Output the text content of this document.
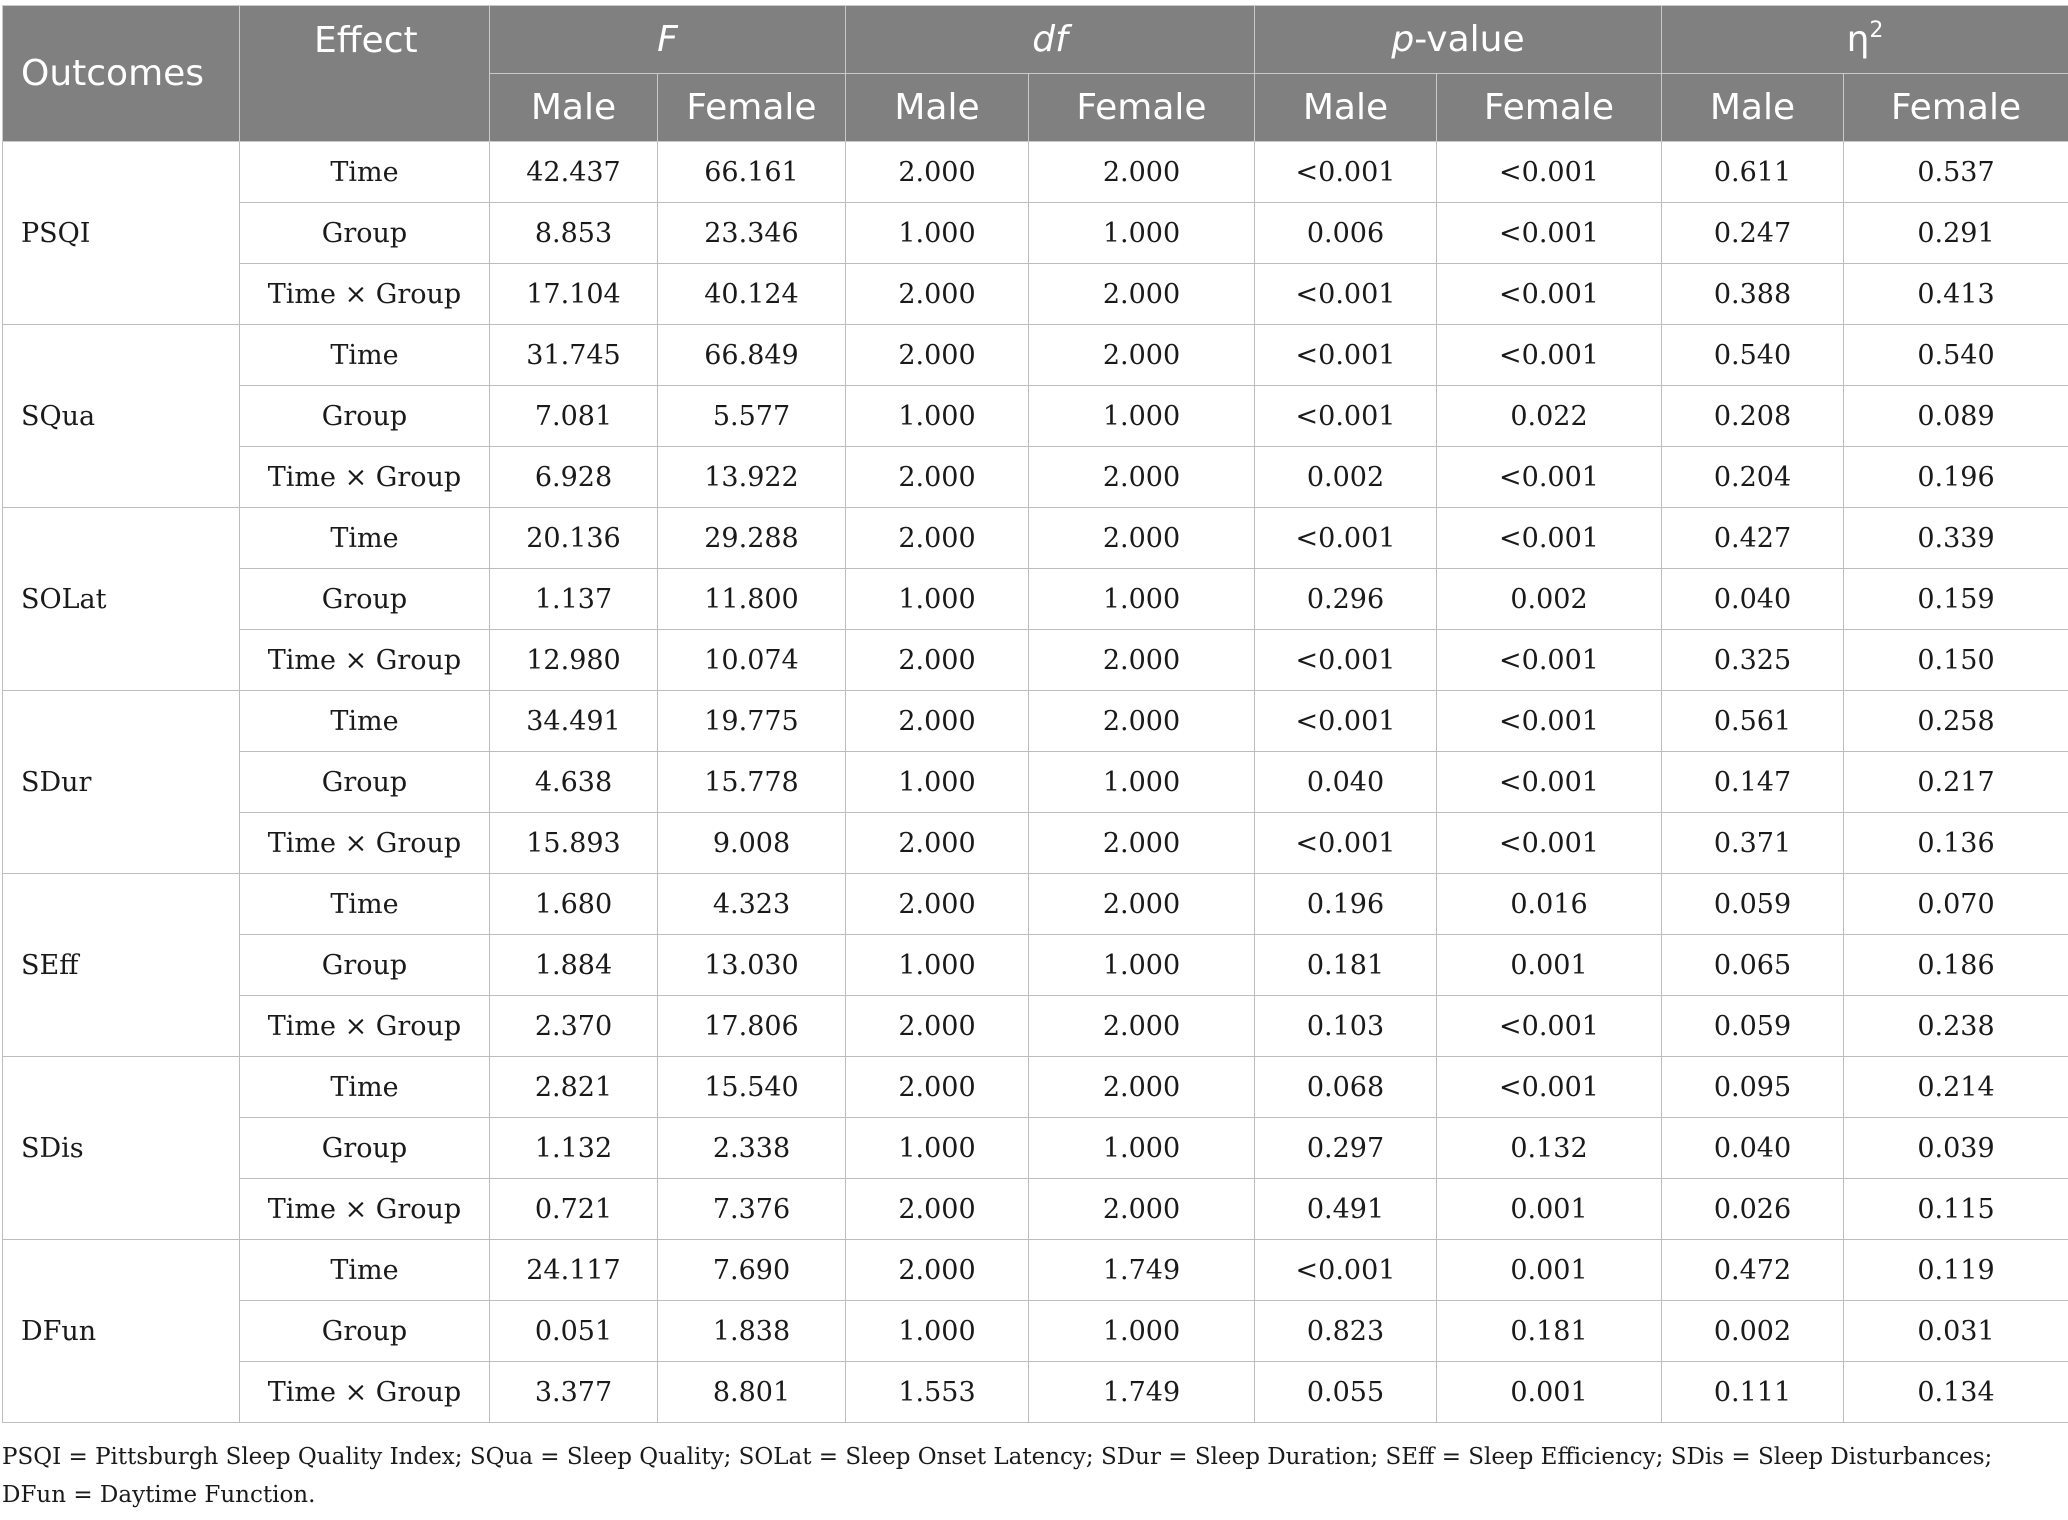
Outcomes	Effect	F		df		p-value		$\eta^2$
		Male	Female	Male	Female	Male	Female	Male	Female
PSQI	Time	42.437	66.161	2.000	2.000	<0.001	<0.001	0.611	0.537
	Group	8.853	23.346	1.000	1.000	0.006	<0.001	0.247	0.291
	Time × Group	17.104	40.124	2.000	2.000	<0.001	<0.001	0.388	0.413
SQua	Time	31.745	66.849	2.000	2.000	<0.001	<0.001	0.540	0.540
	Group	7.081	5.577	1.000	1.000	<0.001	0.022	0.208	0.089
	Time × Group	6.928	13.922	2.000	2.000	0.002	<0.001	0.204	0.196
SOLat	Time	20.136	29.288	2.000	2.000	<0.001	<0.001	0.427	0.339
	Group	1.137	11.800	1.000	1.000	0.296	0.002	0.040	0.159
	Time × Group	12.980	10.074	2.000	2.000	<0.001	<0.001	0.325	0.150
SDur	Time	34.491	19.775	2.000	2.000	<0.001	<0.001	0.561	0.258
	Group	4.638	15.778	1.000	1.000	0.040	<0.001	0.147	0.217
	Time × Group	15.893	9.008	2.000	2.000	<0.001	<0.001	0.371	0.136
SEff	Time	1.680	4.323	2.000	2.000	0.196	0.016	0.059	0.070
	Group	1.884	13.030	1.000	1.000	0.181	0.001	0.065	0.186
	Time × Group	2.370	17.806	2.000	2.000	0.103	<0.001	0.059	0.238
SDis	Time	2.821	15.540	2.000	2.000	0.068	<0.001	0.095	0.214
	Group	1.132	2.338	1.000	1.000	0.297	0.132	0.040	0.039
	Time × Group	0.721	7.376	2.000	2.000	0.491	0.001	0.026	0.115
DFun	Time	24.117	7.690	2.000	1.749	<0.001	0.001	0.472	0.119
	Group	0.051	1.838	1.000	1.000	0.823	0.181	0.002	0.031
	Time × Group	3.377	8.801	1.553	1.749	0.055	0.001	0.111	0.134
PSQI = Pittsburgh Sleep Quality Index; SQua = Sleep Quality; SOLat = Sleep Onset Latency; SDur = Sleep Duration; SEff = Sleep Efficiency; SDis = Sleep Disturbances; DFun = Daytime Function.
